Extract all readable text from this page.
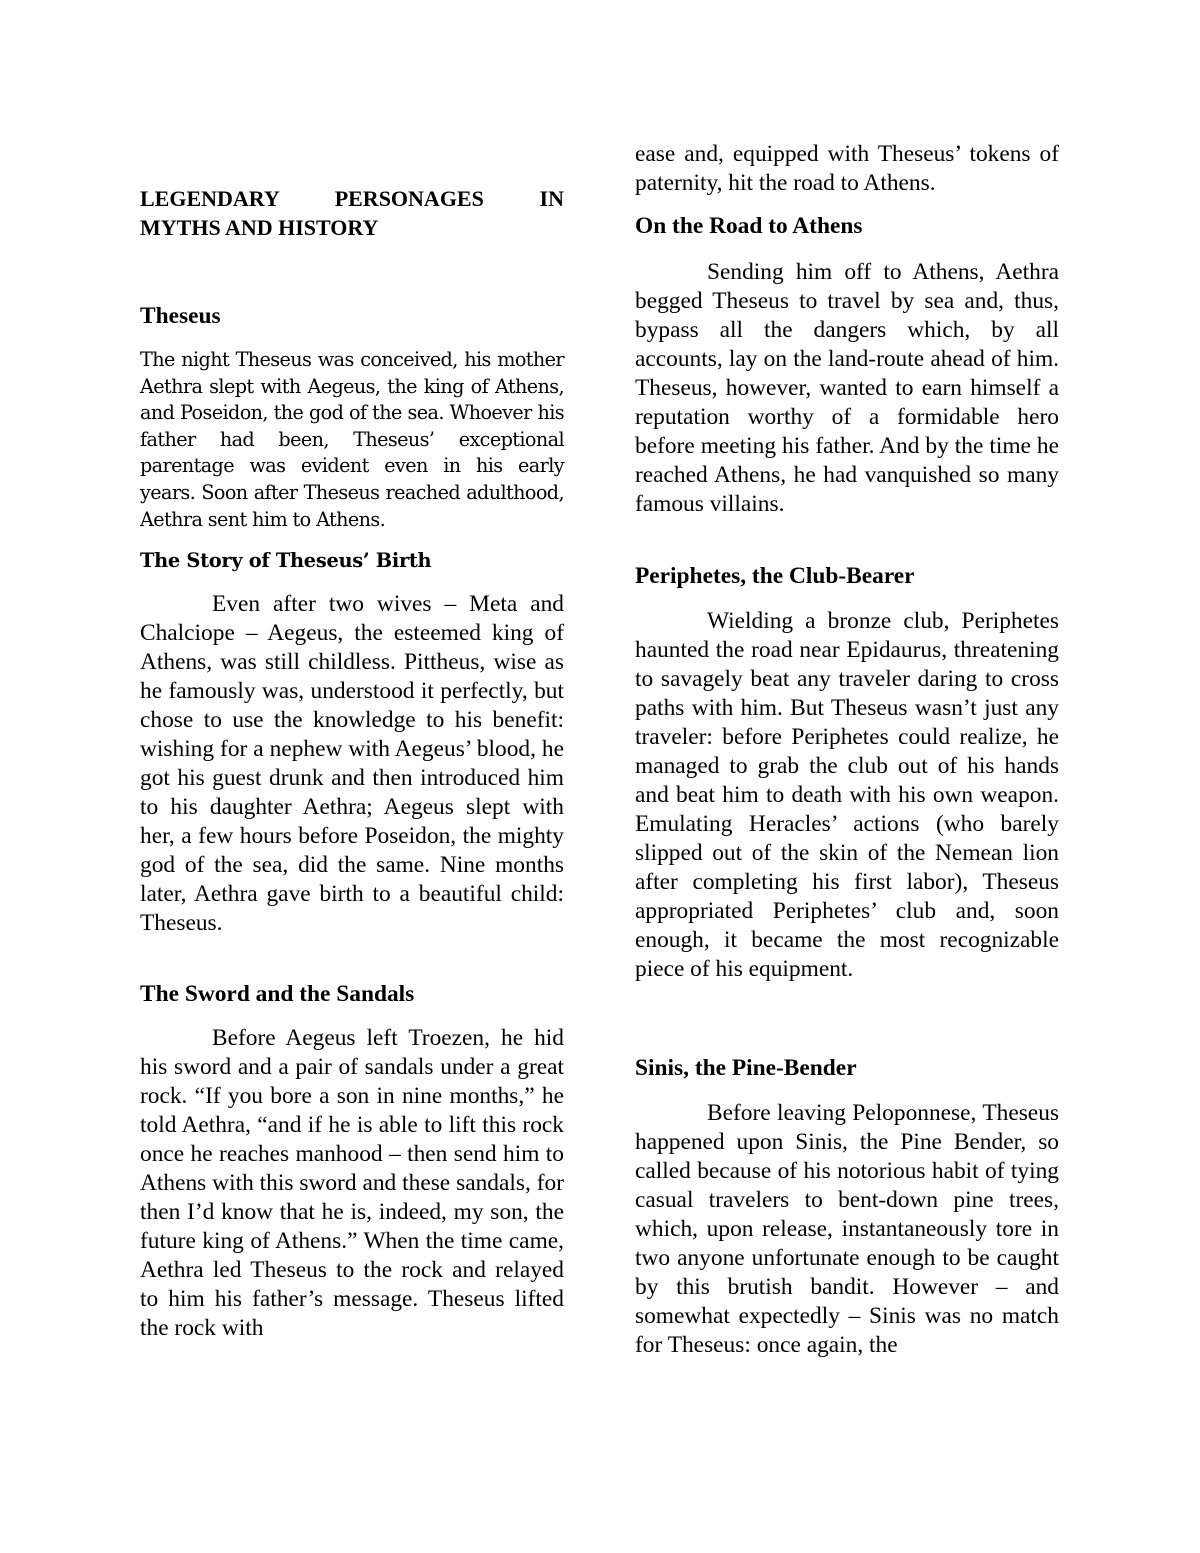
LEGENDARY PERSONAGES IN
MYTHS AND HISTORY
Theseus

The night Theseus was conceived, his mother Aethra slept with Aegeus, the king of Athens, and Poseidon, the god of the sea. Whoever his father had been, Theseus’ exceptional parentage was evident even in his early years. Soon after Theseus reached adulthood, Aethra sent him to Athens.

The Story of Theseus’ Birth

Even after two wives – Meta and Chalciope – Aegeus, the esteemed king of Athens, was still childless. Pittheus, wise as he famously was, understood it perfectly, but chose to use the knowledge to his benefit: wishing for a nephew with Aegeus’ blood, he got his guest drunk and then introduced him to his daughter Aethra; Aegeus slept with her, a few hours before Poseidon, the mighty god of the sea, did the same. Nine months later, Aethra gave birth to a beautiful child: Theseus.

The Sword and the Sandals

Before Aegeus left Troezen, he hid his sword and a pair of sandals under a great rock. “If you bore a son in nine months,” he told Aethra, “and if he is able to lift this rock once he reaches manhood – then send him to Athens with this sword and these sandals, for then I’d know that he is, indeed, my son, the future king of Athens.” When the time came, Aethra led Theseus to the rock and relayed to him his father’s message. Theseus lifted the rock with

ease and, equipped with Theseus’ tokens of paternity, hit the road to Athens.

On the Road to Athens

Sending him off to Athens, Aethra begged Theseus to travel by sea and, thus, bypass all the dangers which, by all accounts, lay on the land-route ahead of him. Theseus, however, wanted to earn himself a reputation worthy of a formidable hero before meeting his father. And by the time he reached Athens, he had vanquished so many famous villains.

Periphetes, the Club-Bearer

Wielding a bronze club, Periphetes haunted the road near Epidaurus, threatening to savagely beat any traveler daring to cross paths with him. But Theseus wasn’t just any traveler: before Periphetes could realize, he managed to grab the club out of his hands and beat him to death with his own weapon. Emulating Heracles’ actions (who barely slipped out of the skin of the Nemean lion after completing his first labor), Theseus appropriated Periphetes’ club and, soon enough, it became the most recognizable piece of his equipment.

Sinis, the Pine-Bender

Before leaving Peloponnese, Theseus happened upon Sinis, the Pine Bender, so called because of his notorious habit of tying casual travelers to bent-down pine trees, which, upon release, instantaneously tore in two anyone unfortunate enough to be caught by this brutish bandit. However – and somewhat expectedly – Sinis was no match for Theseus: once again, the
